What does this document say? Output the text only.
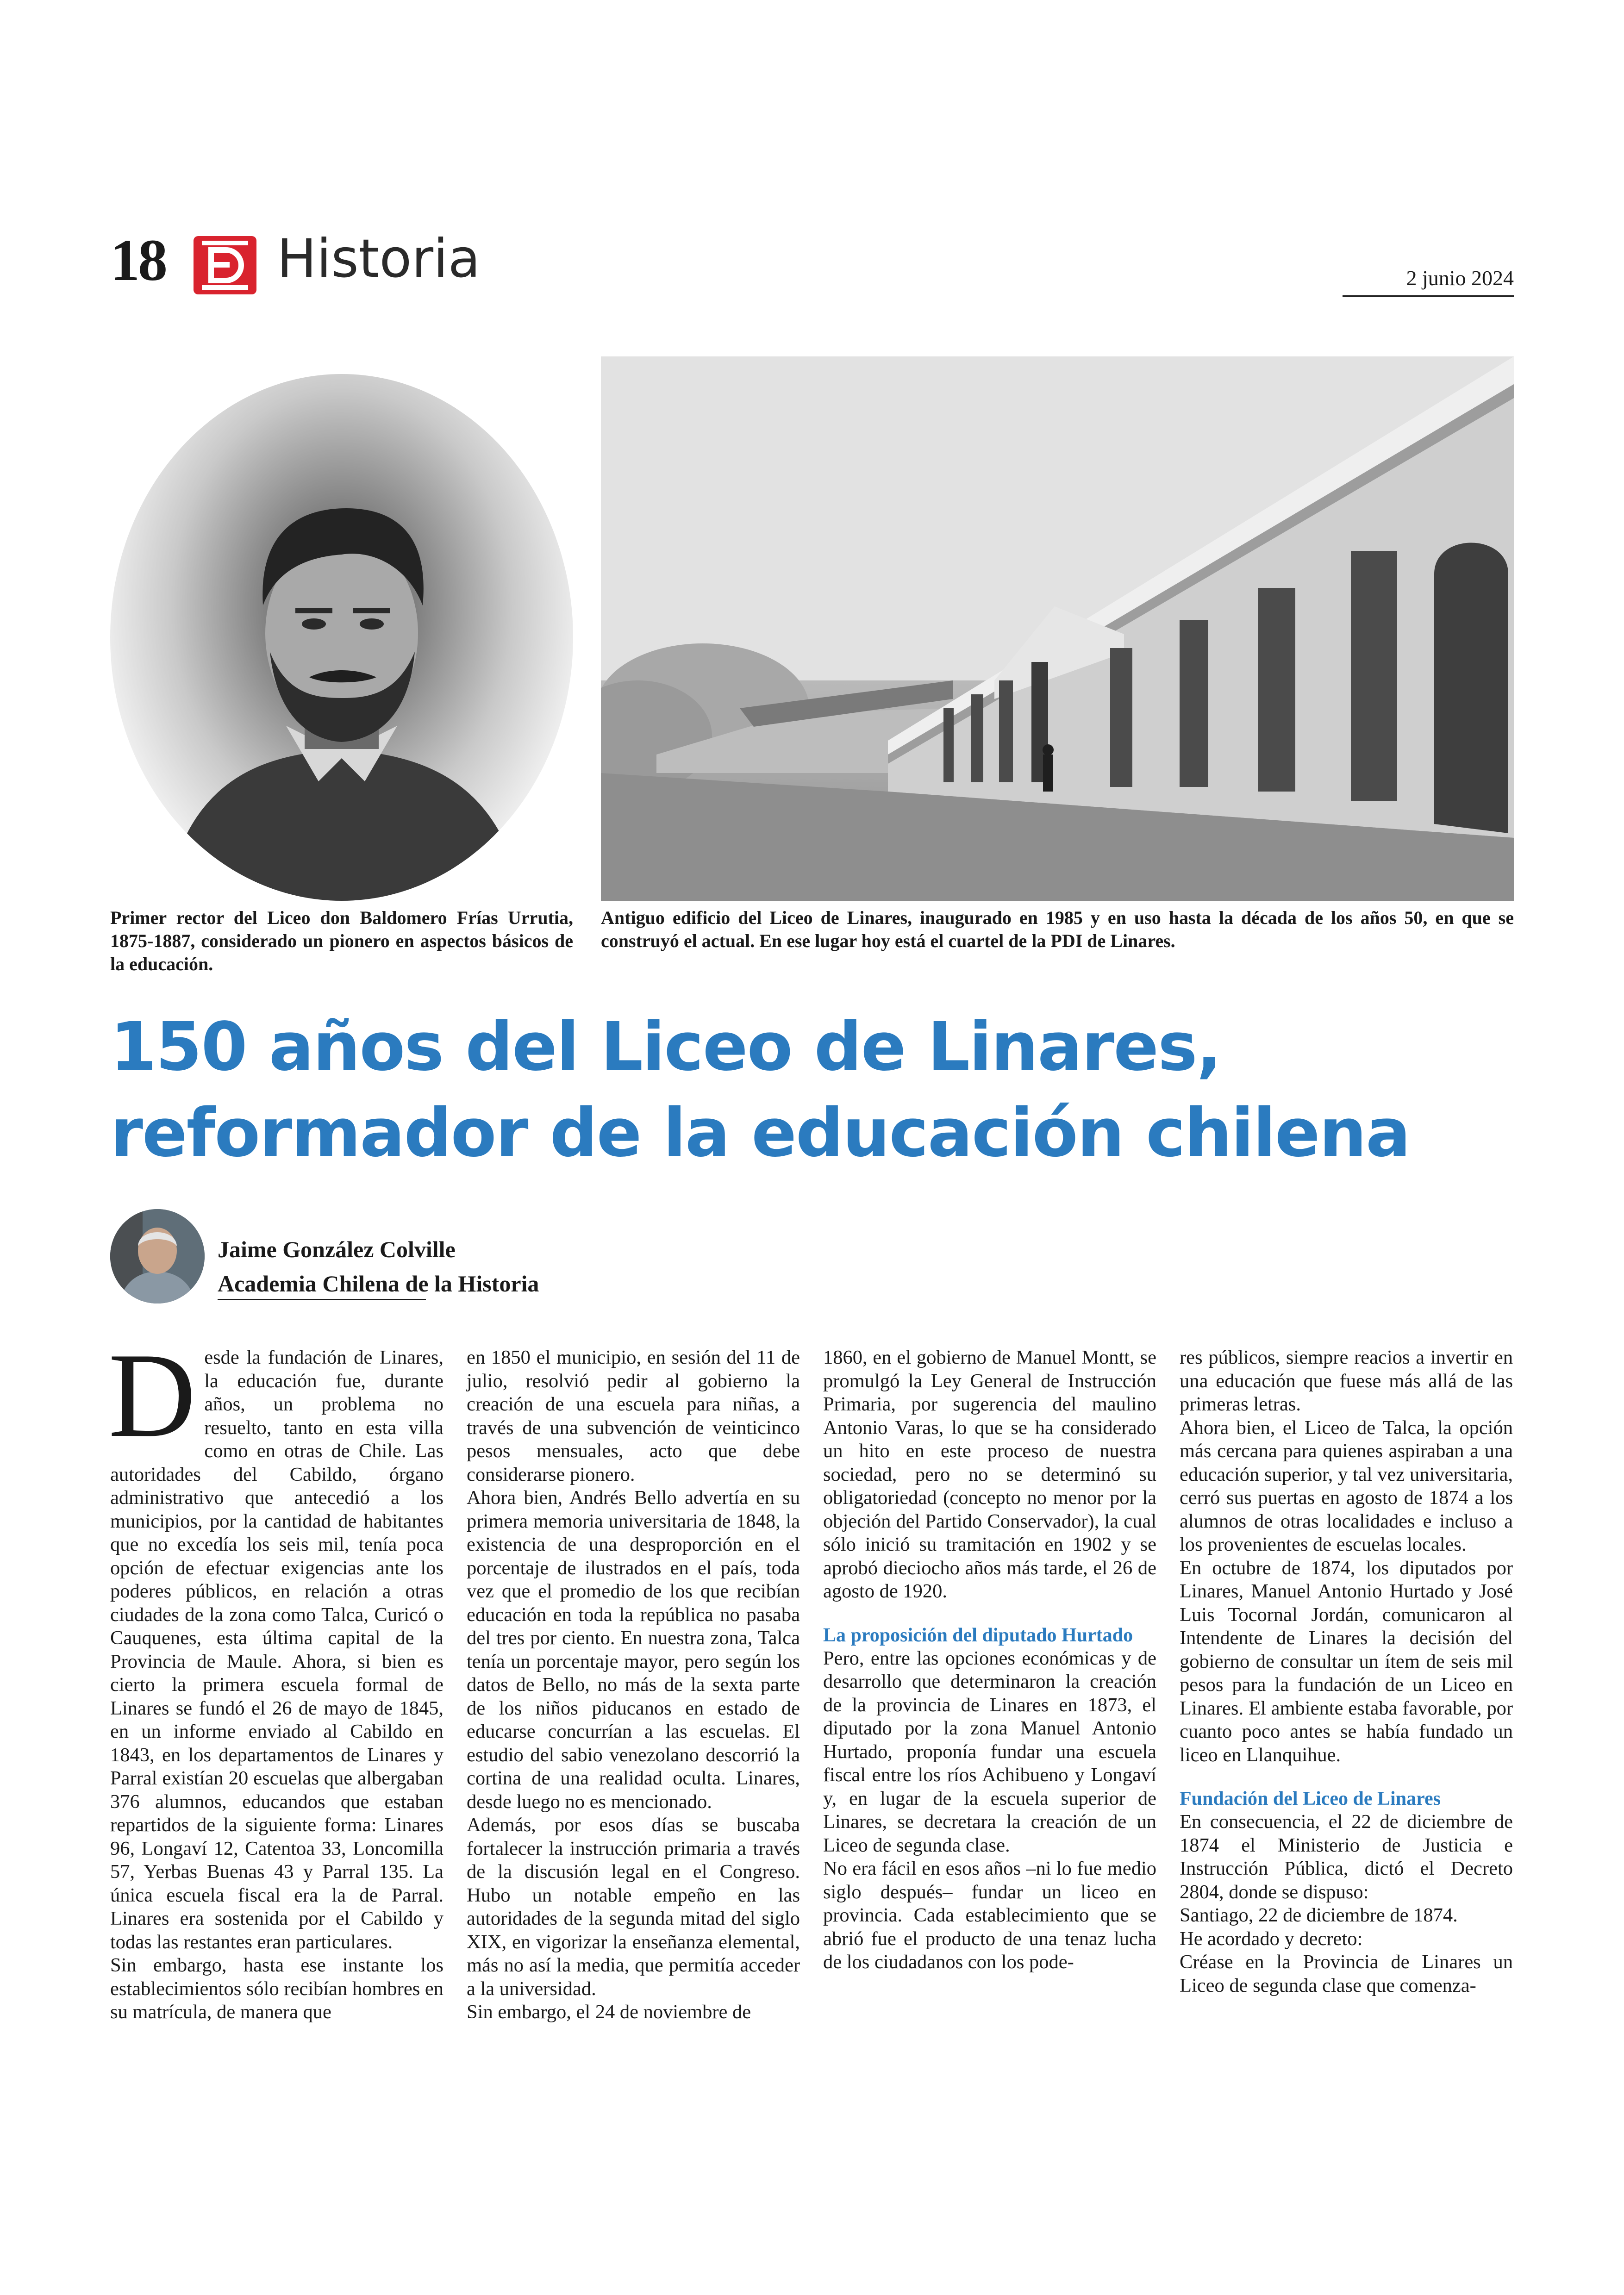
18 Historia	2 junio 2024
Primer rector del Liceo don Baldomero Frías Urrutia, 1875-1887, considerado un pionero en aspectos básicos de la educación.
Antiguo edificio del Liceo de Linares, inaugurado en 1985 y en uso hasta la década de los años 50, en que se construyó el actual. En ese lugar hoy está el cuartel de la PDI de Linares.
150 años del Liceo de Linares,
reformador de la educación chilena
Jaime González Colville
Academia Chilena de la Historia

Desde la fundación de Linares, la educación fue, durante años, un problema no resuelto, tanto en esta villa como en otras de Chile. Las autoridades del Cabildo, órgano administrativo que antecedió a los municipios, por la cantidad de habitantes que no excedía los seis mil, tenía poca opción de efectuar exigencias ante los poderes públicos, en relación a otras ciudades de la zona como Talca, Curicó o Cauquenes, esta última capital de la Provincia de Maule. Ahora, si bien es cierto la primera escuela formal de Linares se fundó el 26 de mayo de 1845, en un informe enviado al Cabildo en 1843, en los departamentos de Linares y Parral existían 20 escuelas que albergaban 376 alumnos, educandos que estaban repartidos de la siguiente forma: Linares 96, Longaví 12, Catentoa 33, Loncomilla 57, Yerbas Buenas 43 y Parral 135. La única escuela fiscal era la de Parral. Linares era sostenida por el Cabildo y todas las restantes eran particulares.

Sin embargo, hasta ese instante los establecimientos sólo recibían hombres en su matrícula, de manera que

en 1850 el municipio, en sesión del 11 de julio, resolvió pedir al gobierno la creación de una escuela para niñas, a través de una subvención de veinticinco pesos mensuales, acto que debe considerarse pionero.

Ahora bien, Andrés Bello advertía en su primera memoria universitaria de 1848, la existencia de una desproporción en el porcentaje de ilustrados en el país, toda vez que el promedio de los que recibían educación en toda la república no pasaba del tres por ciento. En nuestra zona, Talca tenía un porcentaje mayor, pero según los datos de Bello, no más de la sexta parte de los niños piducanos en estado de educarse concurrían a las escuelas. El estudio del sabio venezolano descorrió la cortina de una realidad oculta. Linares, desde luego no es mencionado.

Además, por esos días se buscaba fortalecer la instrucción primaria a través de la discusión legal en el Congreso. Hubo un notable empeño en las autoridades de la segunda mitad del siglo XIX, en vigorizar la enseñanza elemental, más no así la media, que permitía acceder a la universidad.

Sin embargo, el 24 de noviembre de

1860, en el gobierno de Manuel Montt, se promulgó la Ley General de Instrucción Primaria, por sugerencia del maulino Antonio Varas, lo que se ha considerado un hito en este proceso de nuestra sociedad, pero no se determinó su obligatoriedad (concepto no menor por la objeción del Partido Conservador), la cual sólo inició su tramitación en 1902 y se aprobó dieciocho años más tarde, el 26 de agosto de 1920.

La proposición del diputado Hurtado

Pero, entre las opciones económicas y de desarrollo que determinaron la creación de la provincia de Linares en 1873, el diputado por la zona Manuel Antonio Hurtado, proponía fundar una escuela fiscal entre los ríos Achibueno y Longaví y, en lugar de la escuela superior de Linares, se decretara la creación de un Liceo de segunda clase.

No era fácil en esos años –ni lo fue medio siglo después– fundar un liceo en provincia. Cada establecimiento que se abrió fue el producto de una tenaz lucha de los ciudadanos con los pode-

res públicos, siempre reacios a invertir en una educación que fuese más allá de las primeras letras.

Ahora bien, el Liceo de Talca, la opción más cercana para quienes aspiraban a una educación superior, y tal vez universitaria, cerró sus puertas en agosto de 1874 a los alumnos de otras localidades e incluso a los provenientes de escuelas locales.

En octubre de 1874, los diputados por Linares, Manuel Antonio Hurtado y José Luis Tocornal Jordán, comunicaron al Intendente de Linares la decisión del gobierno de consultar un ítem de seis mil pesos para la fundación de un Liceo en Linares. El ambiente estaba favorable, por cuanto poco antes se había fundado un liceo en Llanquihue.

Fundación del Liceo de Linares

En consecuencia, el 22 de diciembre de 1874 el Ministerio de Justicia e Instrucción Pública, dictó el Decreto 2804, donde se dispuso:

Santiago, 22 de diciembre de 1874.

He acordado y decreto:

Créase en la Provincia de Linares un Liceo de segunda clase que comenza-
